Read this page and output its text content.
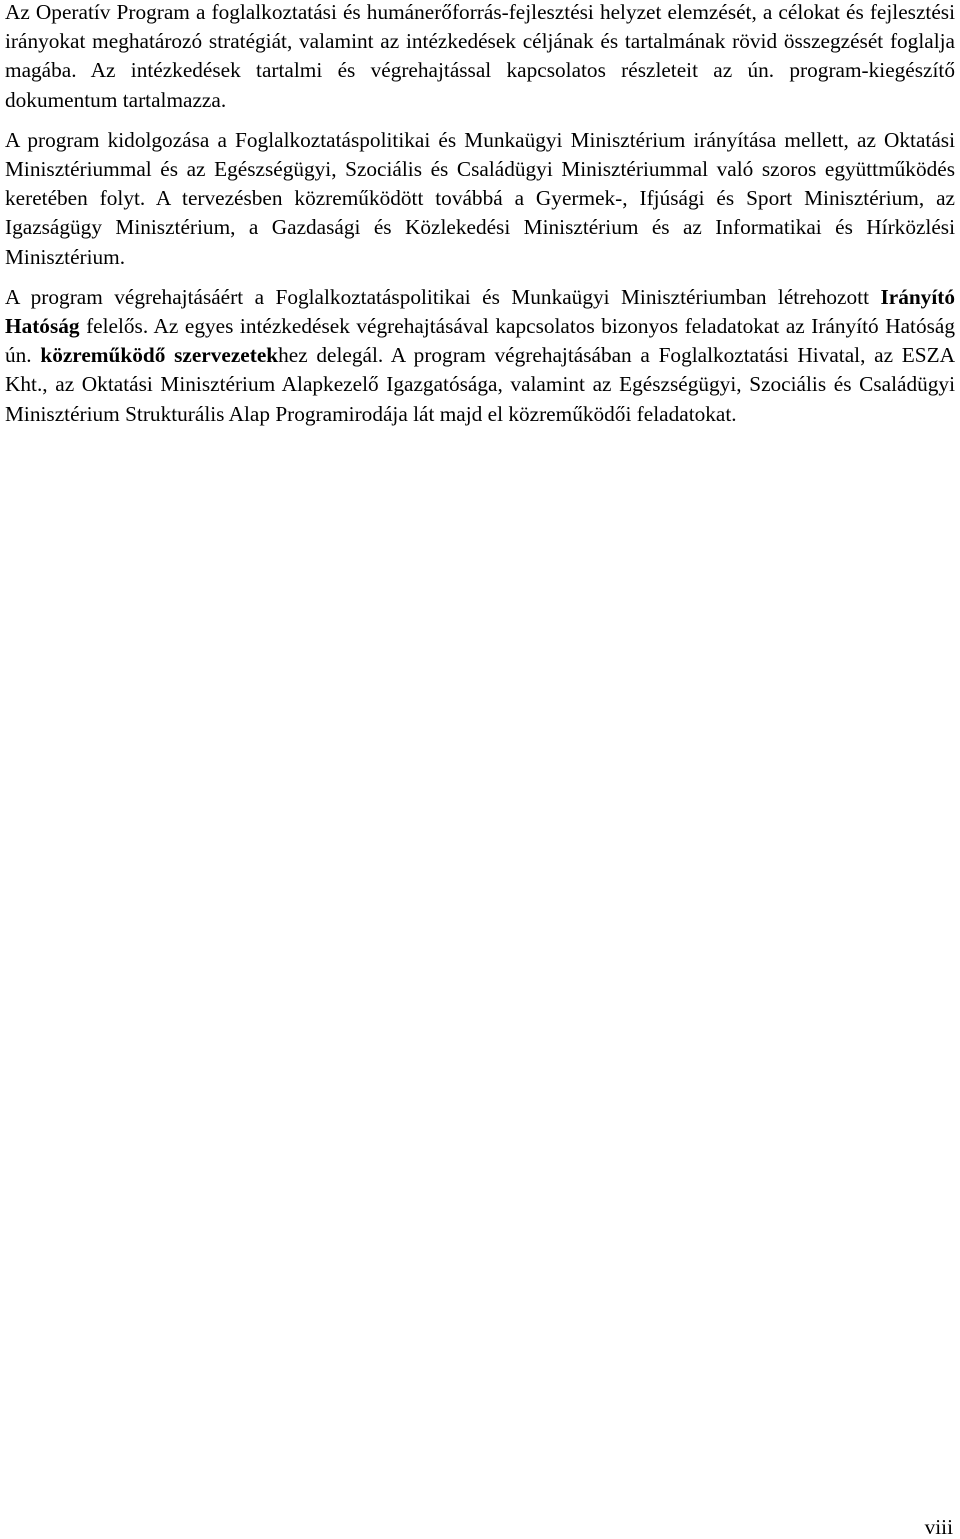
Az Operatív Program a foglalkoztatási és humánerőforrás-fejlesztési helyzet elemzését, a célokat és fejlesztési irányokat meghatározó stratégiát, valamint az intézkedések céljának és tartalmának rövid összegzését foglalja magába. Az intézkedések tartalmi és végrehajtással kapcsolatos részleteit az ún. program-kiegészítő dokumentum tartalmazza.

A program kidolgozása a Foglalkoztatáspolitikai és Munkaügyi Minisztérium irányítása mellett, az Oktatási Minisztériummal és az Egészségügyi, Szociális és Családügyi Minisztériummal való szoros együttműködés keretében folyt. A tervezésben közreműködött továbbá a Gyermek-, Ifjúsági és Sport Minisztérium, az Igazságügy Minisztérium, a Gazdasági és Közlekedési Minisztérium és az Informatikai és Hírközlési Minisztérium.

A program végrehajtásáért a Foglalkoztatáspolitikai és Munkaügyi Minisztériumban létrehozott Irányító Hatóság felelős. Az egyes intézkedések végrehajtásával kapcsolatos bizonyos feladatokat az Irányító Hatóság ún. közreműködő szervezetekhez delegál. A program végrehajtásában a Foglalkoztatási Hivatal, az ESZA Kht., az Oktatási Minisztérium Alapkezelő Igazgatósága, valamint az Egészségügyi, Szociális és Családügyi Minisztérium Strukturális Alap Programirodája lát majd el közreműködői feladatokat.

viii
